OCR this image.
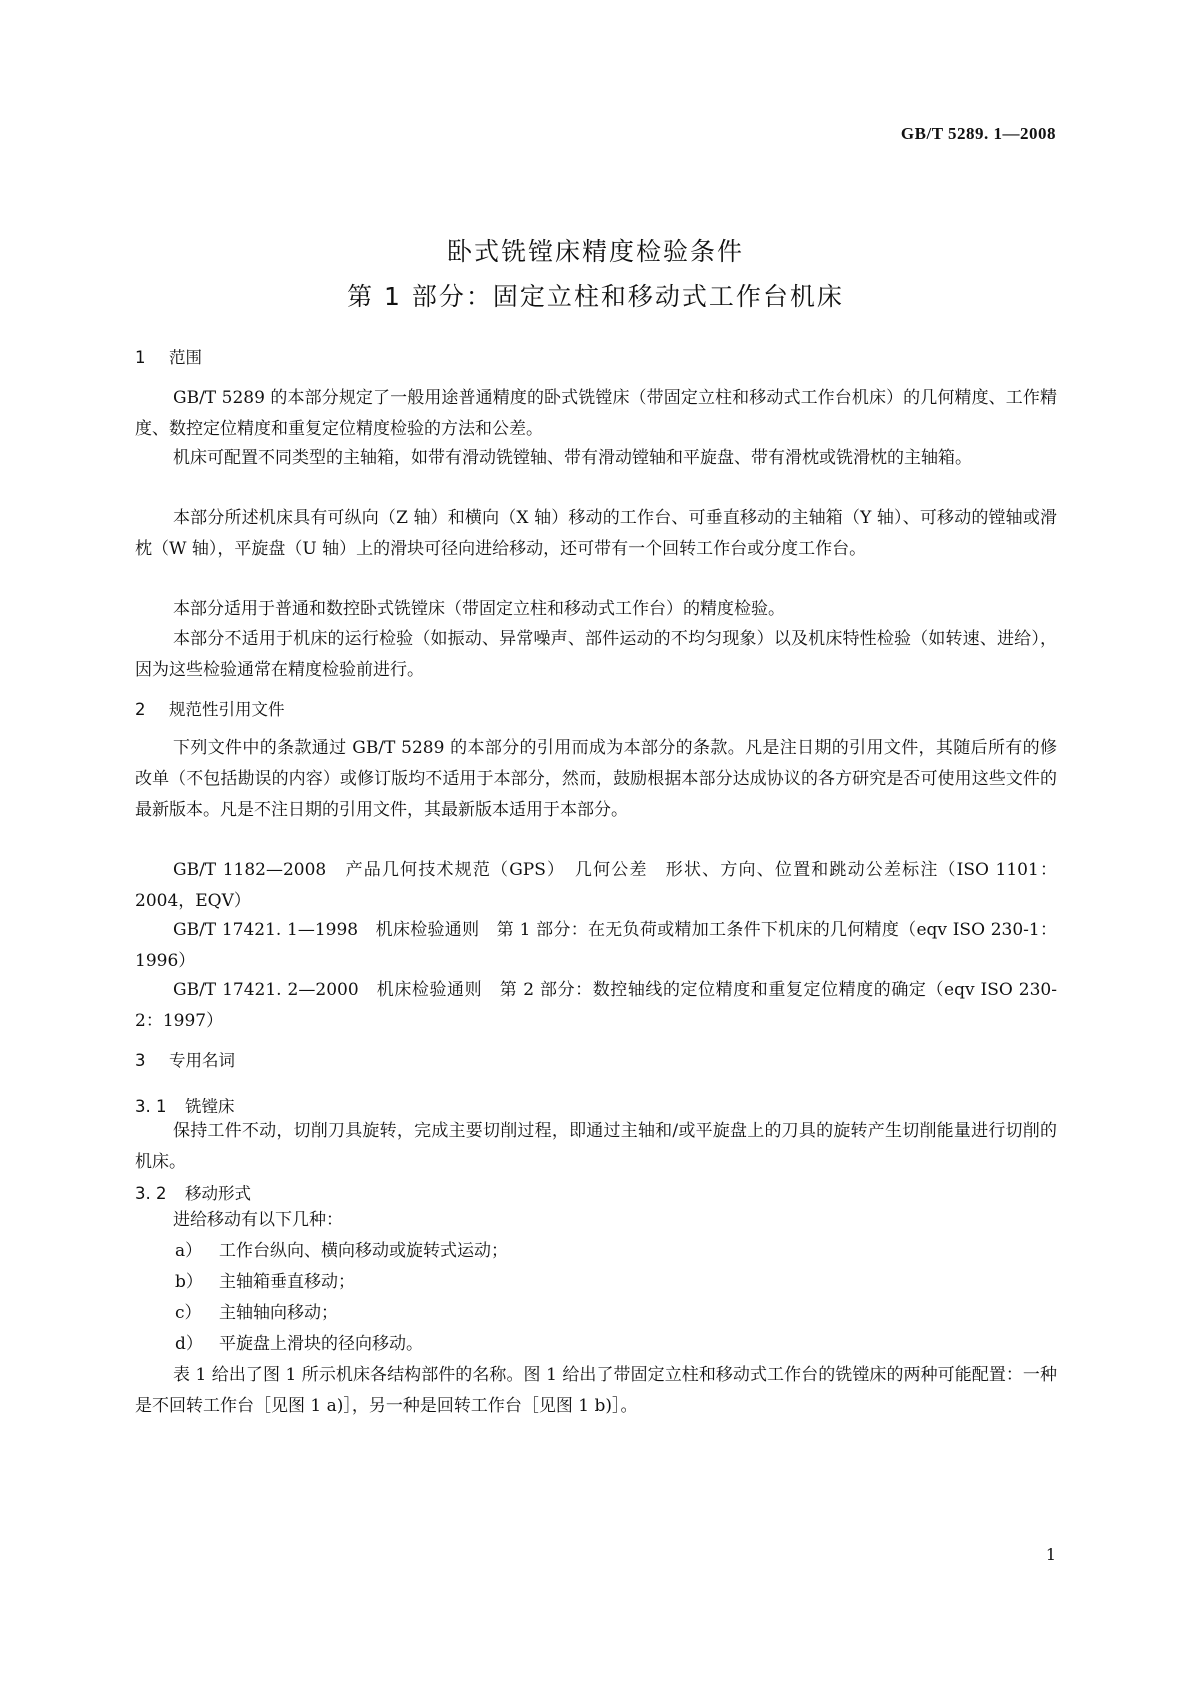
GB/T 5289. 1—2008
卧式铣镗床精度检验条件
第 1 部分：固定立柱和移动式工作台机床
1 范围

GB/T 5289 的本部分规定了一般用途普通精度的卧式铣镗床（带固定立柱和移动式工作台机床）的几何精度、工作精度、数控定位精度和重复定位精度检验的方法和公差。

机床可配置不同类型的主轴箱，如带有滑动铣镗轴、带有滑动镗轴和平旋盘、带有滑枕或铣滑枕的主轴箱。

本部分所述机床具有可纵向（Z 轴）和横向（X 轴）移动的工作台、可垂直移动的主轴箱（Y 轴）、可移动的镗轴或滑枕（W 轴），平旋盘（U 轴）上的滑块可径向进给移动，还可带有一个回转工作台或分度工作台。

本部分适用于普通和数控卧式铣镗床（带固定立柱和移动式工作台）的精度检验。

本部分不适用于机床的运行检验（如振动、异常噪声、部件运动的不均匀现象）以及机床特性检验（如转速、进给），因为这些检验通常在精度检验前进行。

2 规范性引用文件

下列文件中的条款通过 GB/T 5289 的本部分的引用而成为本部分的条款。凡是注日期的引用文件，其随后所有的修改单（不包括勘误的内容）或修订版均不适用于本部分，然而，鼓励根据本部分达成协议的各方研究是否可使用这些文件的最新版本。凡是不注日期的引用文件，其最新版本适用于本部分。

GB/T 1182—2008　产品几何技术规范（GPS）　几何公差　形状、方向、位置和跳动公差标注（ISO 1101：2004，EQV）

GB/T 17421. 1—1998　机床检验通则　第 1 部分：在无负荷或精加工条件下机床的几何精度（eqv ISO 230-1：1996）

GB/T 17421. 2—2000　机床检验通则　第 2 部分：数控轴线的定位精度和重复定位精度的确定（eqv ISO 230-2：1997）

3 专用名词
3. 1 铣镗床

保持工件不动，切削刀具旋转，完成主要切削过程，即通过主轴和/或平旋盘上的刀具的旋转产生切削能量进行切削的机床。

3. 2 移动形式

进给移动有以下几种：

a） 工作台纵向、横向移动或旋转式运动；
b） 主轴箱垂直移动；
c） 主轴轴向移动；
d） 平旋盘上滑块的径向移动。

表 1 给出了图 1 所示机床各结构部件的名称。图 1 给出了带固定立柱和移动式工作台的铣镗床的两种可能配置：一种是不回转工作台［见图 1 a)］，另一种是回转工作台［见图 1 b)］。

1
